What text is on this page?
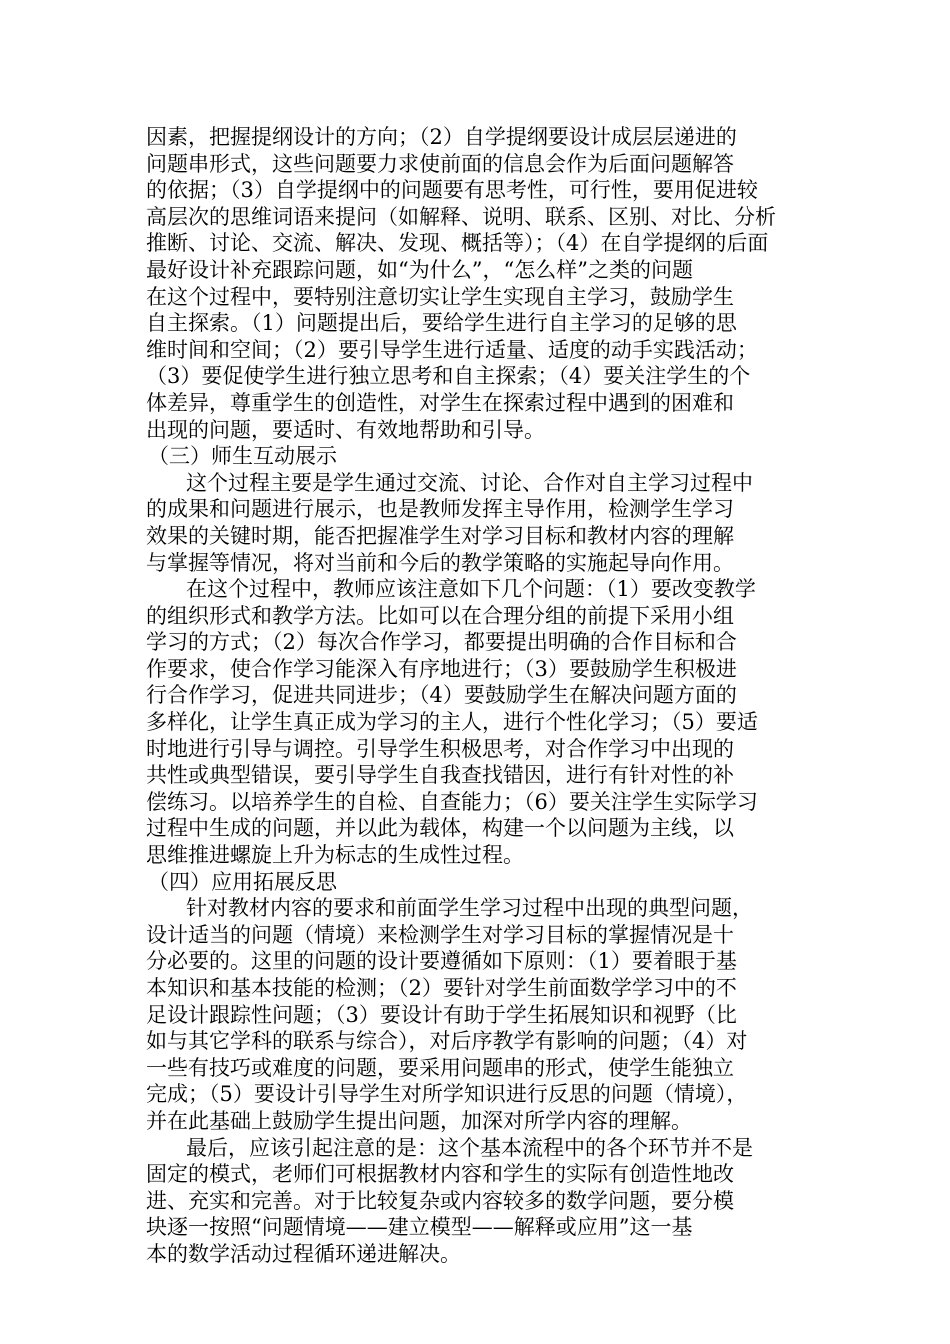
因素，把握提纲设计的方向；（2）自学提纲要设计成层层递进的
问题串形式，这些问题要力求使前面的信息会作为后面问题解答
的依据；（3）自学提纲中的问题要有思考性，可行性，要用促进较
高层次的思维词语来提问（如解释、说明、联系、区别、对比、分析
推断、讨论、交流、解决、发现、概括等）；（4）在自学提纲的后面
最好设计补充跟踪问题，如“为什么”，“怎么样”之类的问题
在这个过程中，要特别注意切实让学生实现自主学习，鼓励学生
自主探索。（1）问题提出后，要给学生进行自主学习的足够的思
维时间和空间；（2）要引导学生进行适量、适度的动手实践活动；
（3）要促使学生进行独立思考和自主探索；（4）要关注学生的个
体差异，尊重学生的创造性，对学生在探索过程中遇到的困难和
出现的问题，要适时、有效地帮助和引导。
（三）师生互动展示
这个过程主要是学生通过交流、讨论、合作对自主学习过程中
的成果和问题进行展示，也是教师发挥主导作用，检测学生学习
效果的关键时期，能否把握准学生对学习目标和教材内容的理解
与掌握等情况，将对当前和今后的教学策略的实施起导向作用。
在这个过程中，教师应该注意如下几个问题：（1）要改变教学
的组织形式和教学方法。比如可以在合理分组的前提下采用小组
学习的方式；（2）每次合作学习，都要提出明确的合作目标和合
作要求，使合作学习能深入有序地进行；（3）要鼓励学生积极进
行合作学习，促进共同进步；（4）要鼓励学生在解决问题方面的
多样化，让学生真正成为学习的主人，进行个性化学习；（5）要适
时地进行引导与调控。引导学生积极思考，对合作学习中出现的
共性或典型错误，要引导学生自我查找错因，进行有针对性的补
偿练习。以培养学生的自检、自查能力；（6）要关注学生实际学习
过程中生成的问题，并以此为载体，构建一个以问题为主线，以
思维推进螺旋上升为标志的生成性过程。
（四）应用拓展反思
针对教材内容的要求和前面学生学习过程中出现的典型问题，
设计适当的问题（情境）来检测学生对学习目标的掌握情况是十
分必要的。这里的问题的设计要遵循如下原则：（1）要着眼于基
本知识和基本技能的检测；（2）要针对学生前面数学学习中的不
足设计跟踪性问题；（3）要设计有助于学生拓展知识和视野（比
如与其它学科的联系与综合），对后序教学有影响的问题；（4）对
一些有技巧或难度的问题，要采用问题串的形式，使学生能独立
完成；（5）要设计引导学生对所学知识进行反思的问题（情境），
并在此基础上鼓励学生提出问题，加深对所学内容的理解。
最后，应该引起注意的是：这个基本流程中的各个环节并不是
固定的模式，老师们可根据教材内容和学生的实际有创造性地改
进、充实和完善。对于比较复杂或内容较多的数学问题，要分模
块逐一按照“问题情境——建立模型——解释或应用”这一基
本的数学活动过程循环递进解决。
